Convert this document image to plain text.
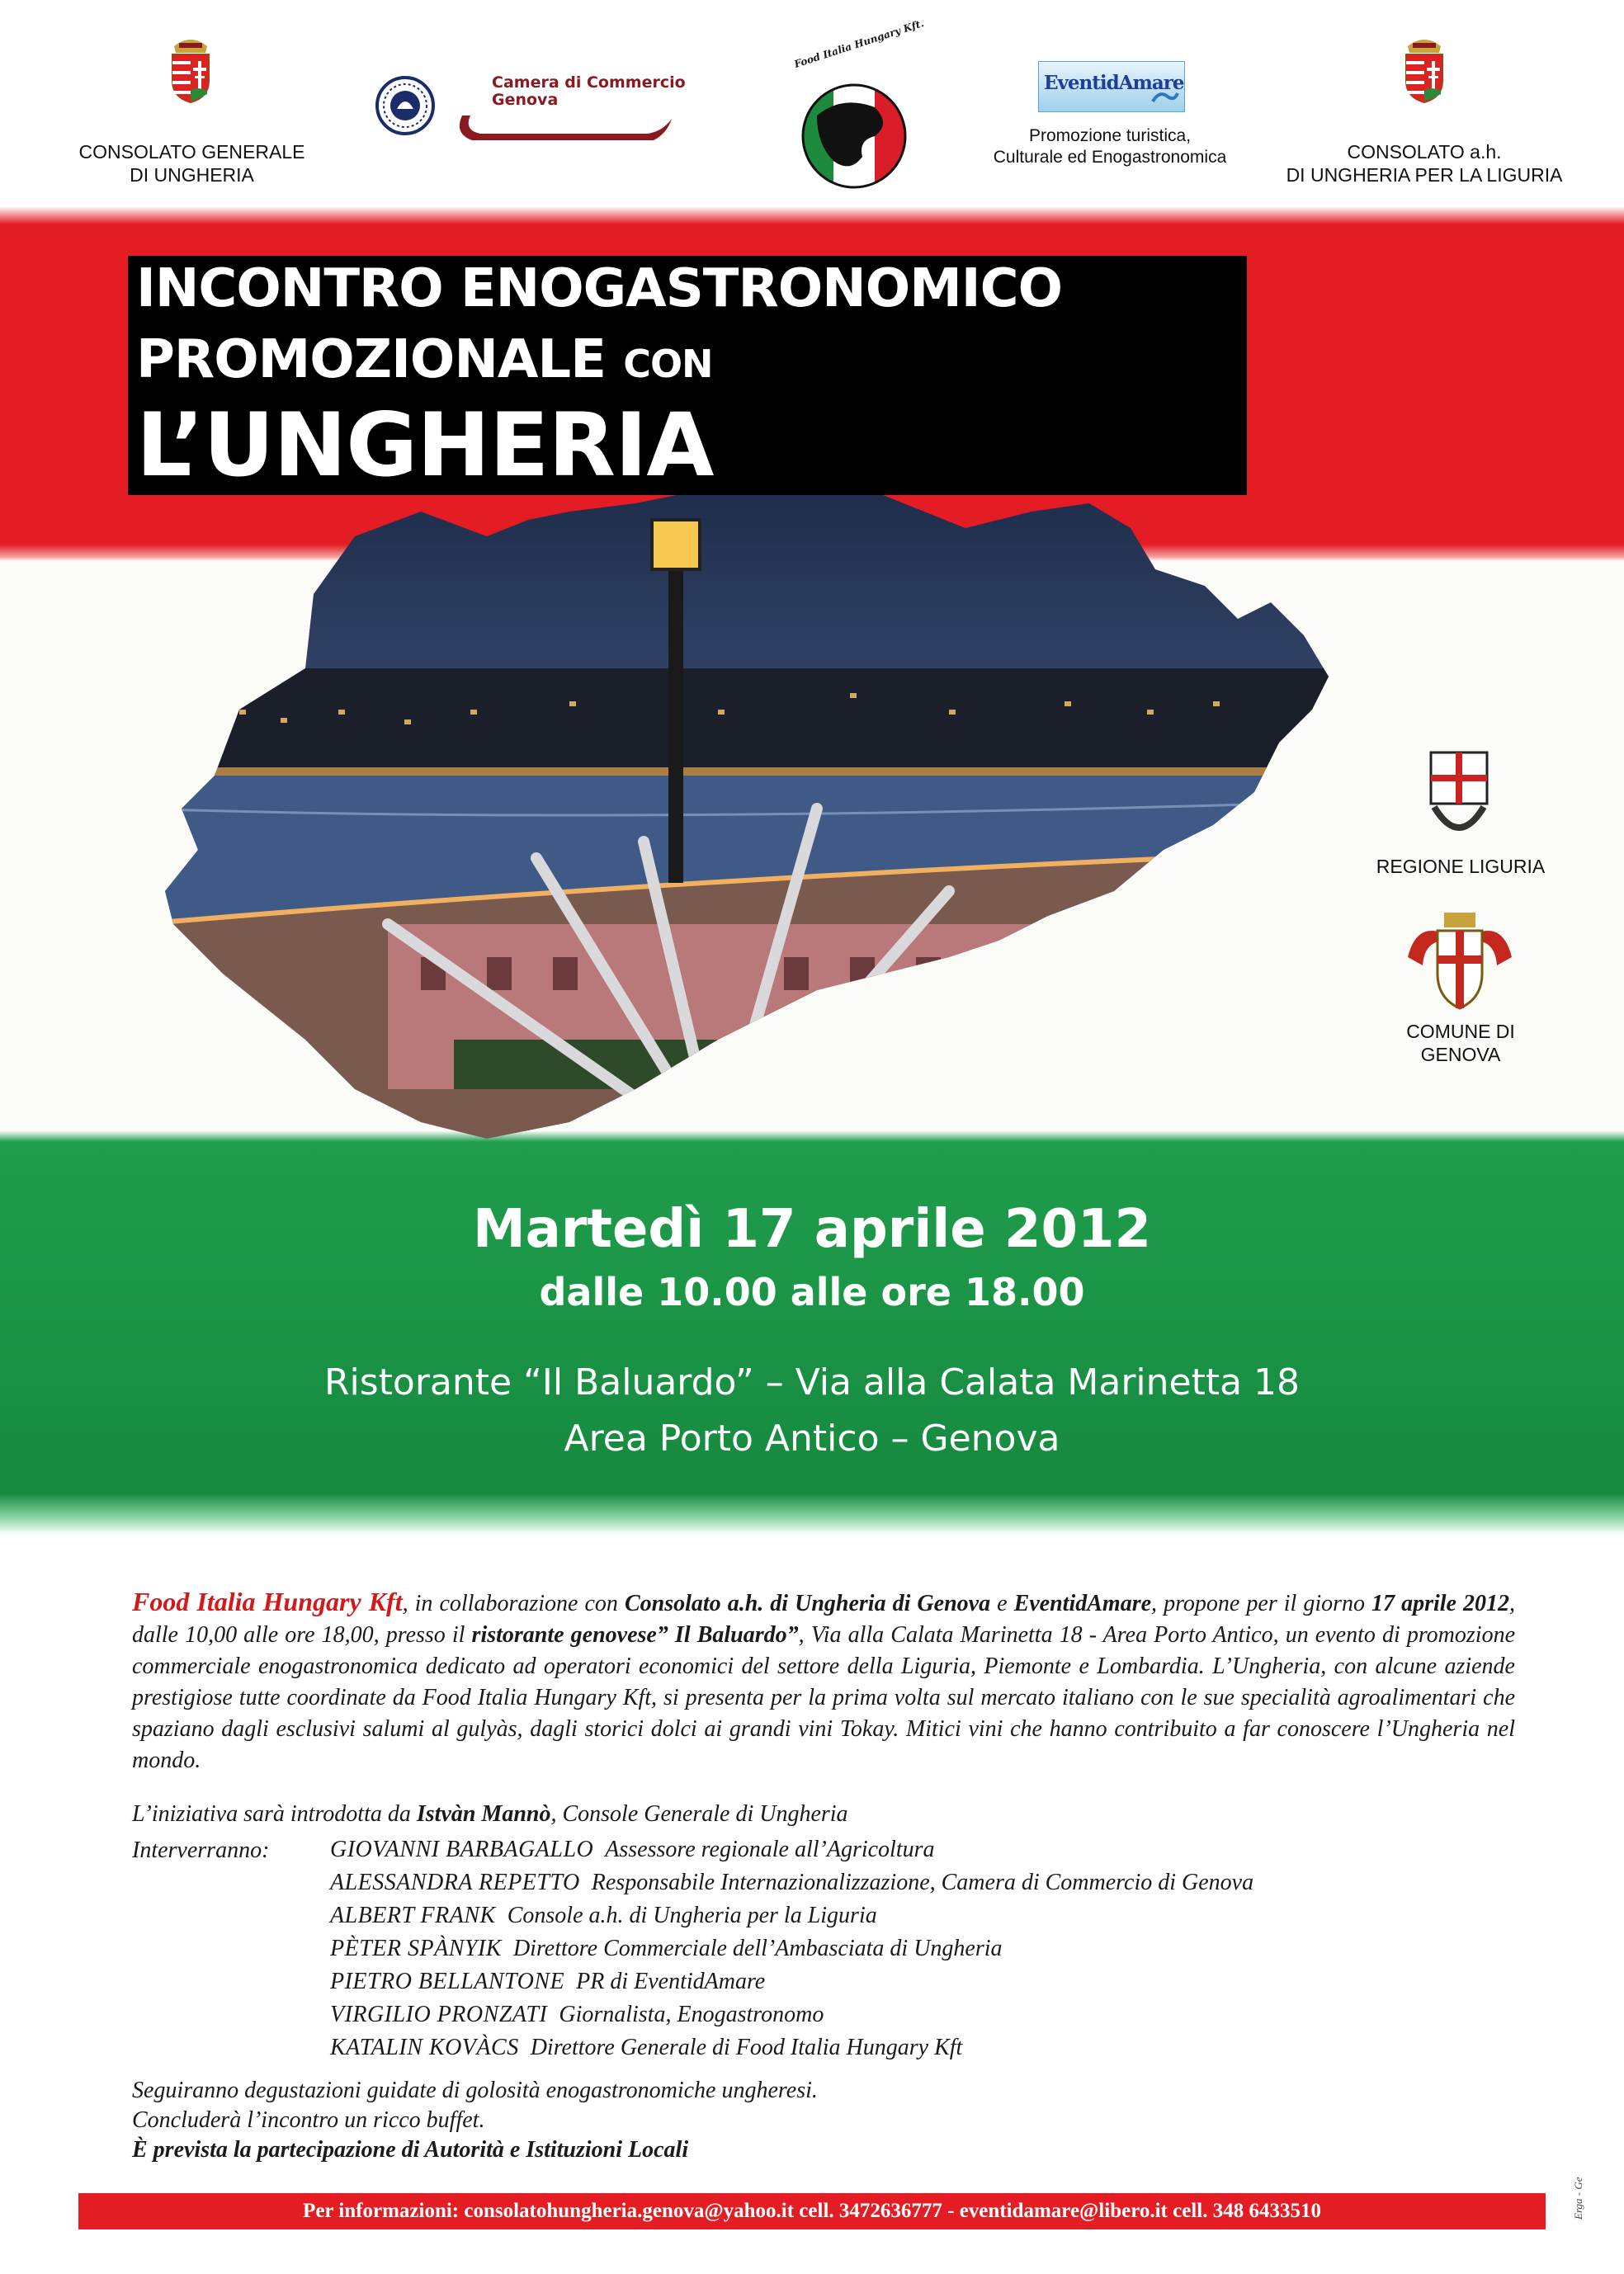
CONSOLATO GENERALE
DI UNGHERIA
Camera di Commercio
Genova
Food Italia Hungary Kft.
EventidAmare
Promozione turistica,
Culturale ed Enogastronomica	CONSOLATO a.h.
DI UNGHERIA PER LA LIGURIA
INCONTRO ENOGASTRONOMICO
PROMOZIONALE CON
L’UNGHERIA
REGIONE LIGURIA
COMUNE DI
GENOVA
Martedì 17 aprile 2012
dalle 10.00 alle ore 18.00
Ristorante “Il Baluardo” – Via alla Calata Marinetta 18
Area Porto Antico – Genova
Food Italia Hungary Kft, in collaborazione con Consolato a.h. di Ungheria di Genova e EventidAmare, propone per il giorno 17 aprile 2012, dalle 10,00 alle ore 18,00, presso il ristorante genovese” Il Baluardo”, Via alla Calata Marinetta 18 - Area Porto Antico, un evento di promozione commerciale enogastronomica dedicato ad operatori economici del settore della Liguria, Piemonte e Lombardia. L’Ungheria, con alcune aziende prestigiose tutte coordinate da Food Italia Hungary Kft, si presenta per la prima volta sul mercato italiano con le sue specialità agroalimentari che spaziano dagli esclusivi salumi al gulyàs, dagli storici dolci ai grandi vini Tokay. Mitici vini che hanno contribuito a far conoscere l’Ungheria nel mondo.
L’iniziativa sarà introdotta da Istvàn Mannò, Console Generale di Ungheria
Interverranno:	GIOVANNI BARBAGALLO Assessore regionale all’Agricoltura
ALESSANDRA REPETTO Responsabile Internazionalizzazione, Camera di Commercio di Genova
ALBERT FRANK Console a.h. di Ungheria per la Liguria
PÈTER SPÀNYIK Direttore Commerciale dell’Ambasciata di Ungheria
PIETRO BELLANTONE PR di EventidAmare
VIRGILIO PRONZATI Giornalista, Enogastronomo
KATALIN KOVÀCS Direttore Generale di Food Italia Hungary Kft
Seguiranno degustazioni guidate di golosità enogastronomiche ungheresi.
Concluderà l’incontro un ricco buffet.
È prevista la partecipazione di Autorità e Istituzioni Locali
Per informazioni: consolatohungheria.genova@yahoo.it cell. 3472636777 - eventidamare@libero.it cell. 348 6433510	Erga - Ge
